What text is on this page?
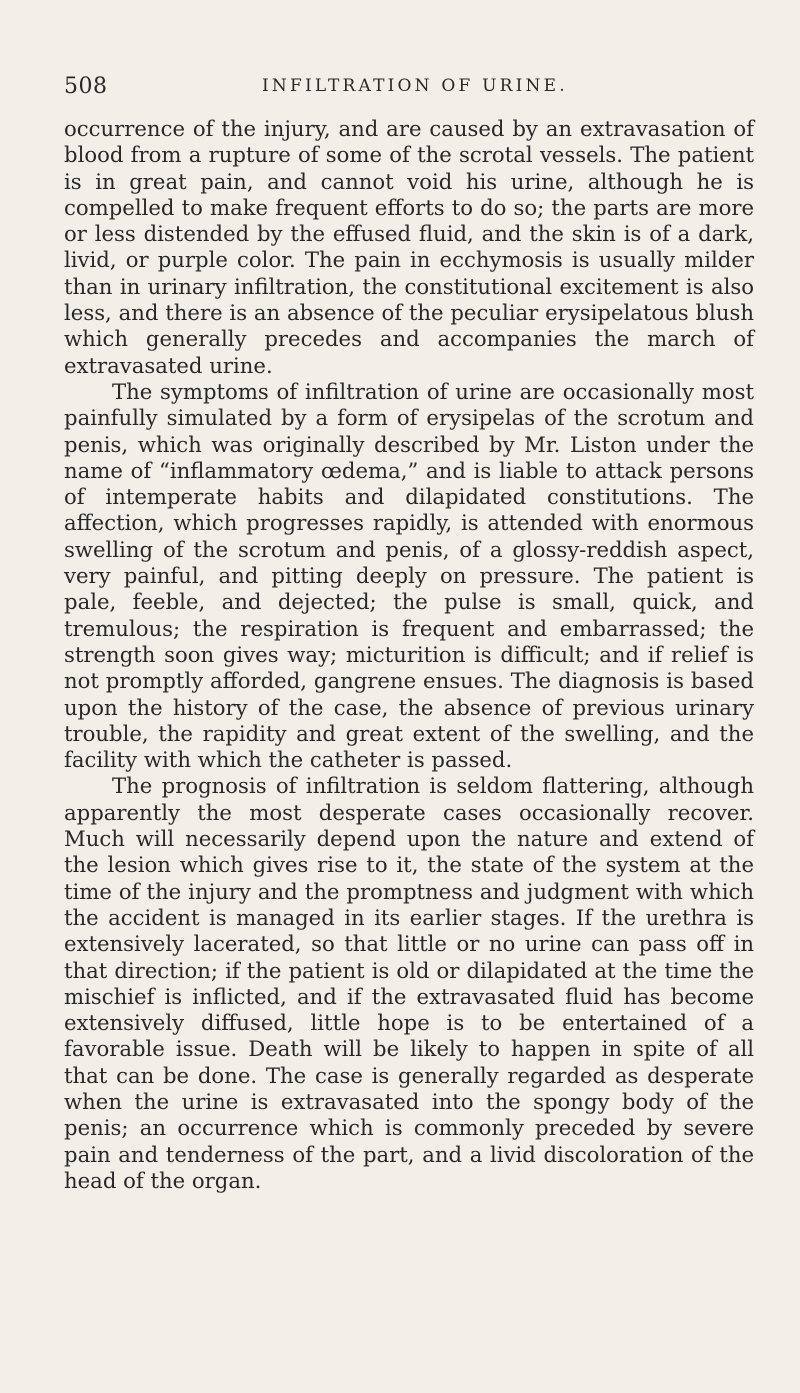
508	INFILTRATION OF URINE.

occurrence of the injury, and are caused by an extravasation of blood from a rupture of some of the scrotal vessels. The patient is in great pain, and cannot void his urine, although he is compelled to make frequent efforts to do so; the parts are more or less distended by the effused fluid, and the skin is of a dark, livid, or purple color. The pain in ecchymosis is usually milder than in urinary infiltration, the constitutional excitement is also less, and there is an absence of the peculiar erysipelatous blush which generally precedes and accompanies the march of extravasated urine.

The symptoms of infiltration of urine are occasionally most painfully simulated by a form of erysipelas of the scrotum and penis, which was originally described by Mr. Liston under the name of “inflammatory œdema,” and is liable to attack persons of intemperate habits and dilapidated constitutions. The affection, which progresses rapidly, is attended with enormous swelling of the scrotum and penis, of a glossy-reddish aspect, very painful, and pitting deeply on pressure. The patient is pale, feeble, and dejected; the pulse is small, quick, and tremulous; the respiration is frequent and embarrassed; the strength soon gives way; micturition is difficult; and if relief is not promptly afforded, gangrene ensues. The diagnosis is based upon the history of the case, the absence of previous urinary trouble, the rapidity and great extent of the swelling, and the facility with which the catheter is passed.

The prognosis of infiltration is seldom flattering, although apparently the most desperate cases occasionally recover. Much will necessarily depend upon the nature and extend of the lesion which gives rise to it, the state of the system at the time of the injury and the promptness and judgment with which the accident is managed in its earlier stages. If the urethra is extensively lacerated, so that little or no urine can pass off in that direction; if the patient is old or dilapidated at the time the mischief is inflicted, and if the extravasated fluid has become extensively diffused, little hope is to be entertained of a favorable issue. Death will be likely to happen in spite of all that can be done. The case is generally regarded as desperate when the urine is extravasated into the spongy body of the penis; an occurrence which is commonly preceded by severe pain and tenderness of the part, and a livid discoloration of the head of the organ.
